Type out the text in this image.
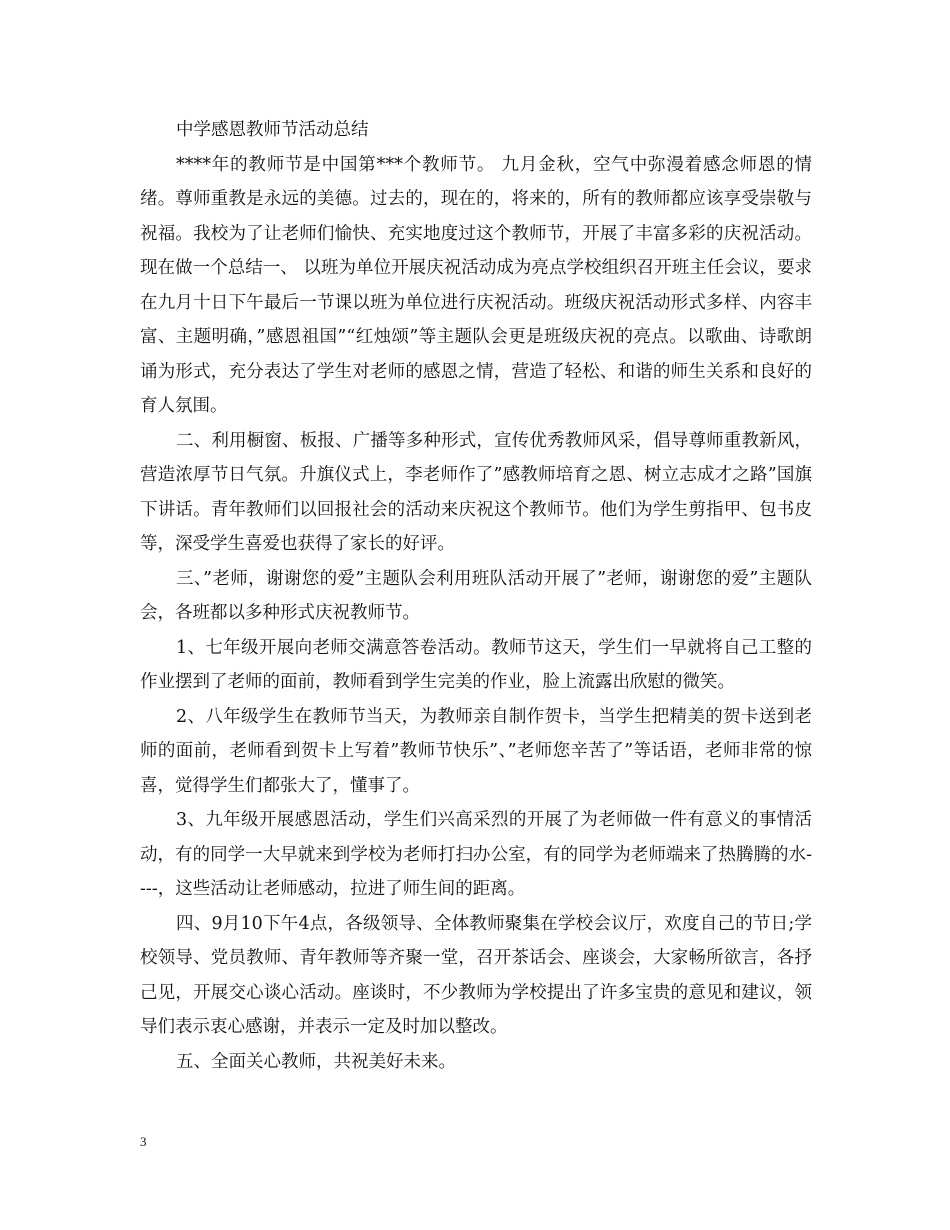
中学感恩教师节活动总结

****年的教师节是中国第***个教师节。 九月金秋，空气中弥漫着感念师恩的情绪。尊师重教是永远的美德。过去的，现在的，将来的，所有的教师都应该享受崇敬与祝福。我校为了让老师们愉快、充实地度过这个教师节，开展了丰富多彩的庆祝活动。现在做一个总结一、 以班为单位开展庆祝活动成为亮点学校组织召开班主任会议，要求在九月十日下午最后一节课以班为单位进行庆祝活动。班级庆祝活动形式多样、内容丰富、主题明确，”感恩祖国”“红烛颂”等主题队会更是班级庆祝的亮点。以歌曲、诗歌朗诵为形式，充分表达了学生对老师的感恩之情，营造了轻松、和谐的师生关系和良好的育人氛围。

二、利用橱窗、板报、广播等多种形式，宣传优秀教师风采，倡导尊师重教新风，营造浓厚节日气氛。升旗仪式上，李老师作了”感教师培育之恩、树立志成才之路”国旗下讲话。青年教师们以回报社会的活动来庆祝这个教师节。他们为学生剪指甲、包书皮等，深受学生喜爱也获得了家长的好评。

三、”老师，谢谢您的爱”主题队会利用班队活动开展了”老师，谢谢您的爱”主题队会，各班都以多种形式庆祝教师节。

1、七年级开展向老师交满意答卷活动。教师节这天，学生们一早就将自己工整的作业摆到了老师的面前，教师看到学生完美的作业，脸上流露出欣慰的微笑。

2、八年级学生在教师节当天，为教师亲自制作贺卡，当学生把精美的贺卡送到老师的面前，老师看到贺卡上写着”教师节快乐”、”老师您辛苦了”等话语，老师非常的惊喜，觉得学生们都张大了，懂事了。

3、九年级开展感恩活动，学生们兴高采烈的开展了为老师做一件有意义的事情活动，有的同学一大早就来到学校为老师打扫办公室，有的同学为老师端来了热腾腾的水----，这些活动让老师感动，拉进了师生间的距离。

四、9月10下午4点，各级领导、全体教师聚集在学校会议厅，欢度自己的节日;学校领导、党员教师、青年教师等齐聚一堂，召开茶话会、座谈会，大家畅所欲言，各抒己见，开展交心谈心活动。座谈时，不少教师为学校提出了许多宝贵的意见和建议，领导们表示衷心感谢，并表示一定及时加以整改。

五、全面关心教师，共祝美好未来。

3
